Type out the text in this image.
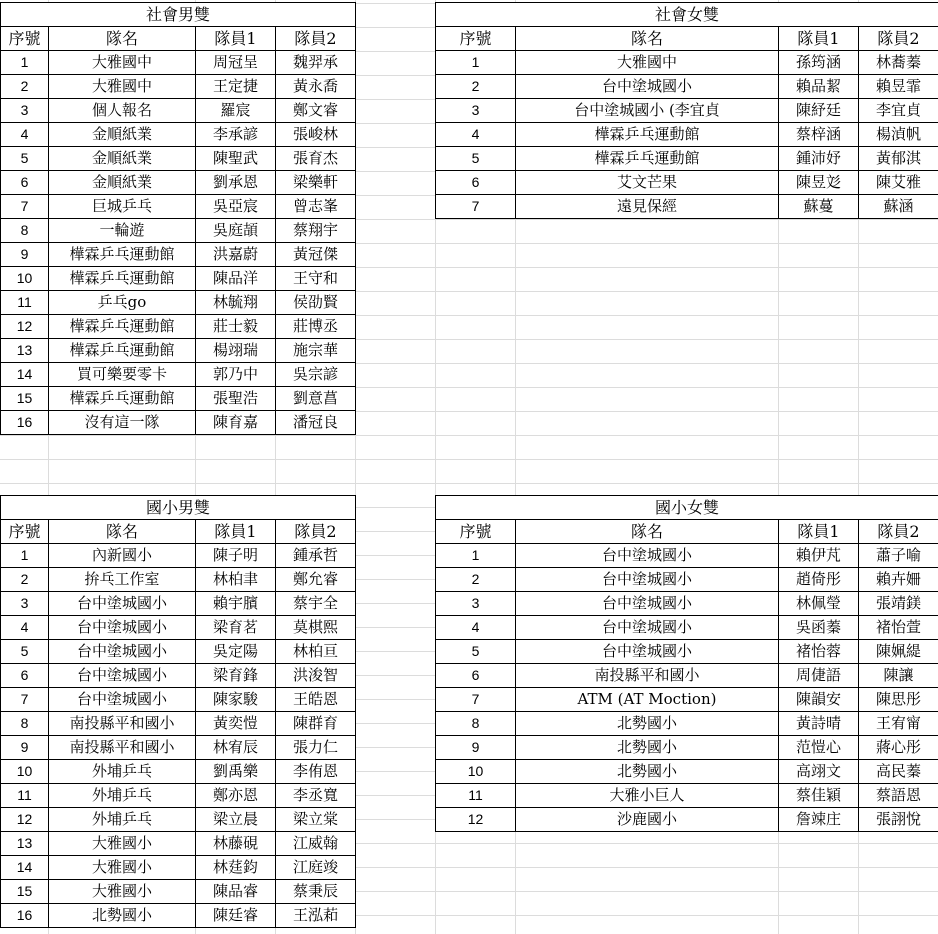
社會男雙			
序號	隊名	隊員1	隊員2
1	大雅國中	周冠呈	魏羿承
2	大雅國中	王定捷	黃永喬
3	個人報名	羅宸	鄭文睿
4	金順紙業	李承諺	張峻林
5	金順紙業	陳聖武	張育杰
6	金順紙業	劉承恩	梁樂軒
7	巨城乒乓	吳亞宸	曾志峯
8	一輪遊	吳庭頡	蔡翔宇
9	樺霖乒乓運動館	洪嘉蔚	黃冠傑
10	樺霖乒乓運動館	陳品洋	王守和
11	乒乓go	林毓翔	侯劭賢
12	樺霖乒乓運動館	莊士毅	莊博丞
13	樺霖乒乓運動館	楊翊瑞	施宗華
14	買可樂要零卡	郭乃中	吳宗諺
15	樺霖乒乓運動館	張聖浩	劉意菖
16	沒有這一隊	陳育嘉	潘冠良
社會女雙			
序號	隊名	隊員1	隊員2
1	大雅國中	孫筠涵	林蕎蓁
2	台中塗城國小	賴品絜	賴昱霏
3	台中塗城國小 (李宜貞	陳紓廷	李宜貞
4	樺霖乒乓運動館	蔡梓涵	楊湞帆
5	樺霖乒乓運動館	鍾沛妤	黃郁淇
6	艾文芒果	陳昱彣	陳艾雅
7	遠見保經	蘇蔓	蘇涵
國小男雙			
序號	隊名	隊員1	隊員2
1	內新國小	陳子明	鍾承哲
2	拚乓工作室	林柏聿	鄭允睿
3	台中塗城國小	賴宇臏	蔡宇全
4	台中塗城國小	梁育茗	莫棋熙
5	台中塗城國小	吳定陽	林柏亘
6	台中塗城國小	梁育鋒	洪浚智
7	台中塗城國小	陳家駿	王皓恩
8	南投縣平和國小	黃奕愷	陳群育
9	南投縣平和國小	林宥辰	張力仁
10	外埔乒乓	劉禹樂	李侑恩
11	外埔乒乓	鄭亦恩	李丞寬
12	外埔乒乓	梁立晨	梁立棠
13	大雅國小	林藤硯	江威翰
14	大雅國小	林莛鈞	江庭竣
15	大雅國小	陳品睿	蔡秉辰
16	北勢國小	陳廷睿	王泓萂
國小女雙			
序號	隊名	隊員1	隊員2
1	台中塗城國小	賴伊芃	蕭子喻
2	台中塗城國小	趙倚彤	賴卉姍
3	台中塗城國小	林佩瑩	張靖鎂
4	台中塗城國小	吳函蓁	褚怡萱
5	台中塗城國小	褚怡蓉	陳姵緹
6	南投縣平和國小	周倢語	陳讓
7	ATM (AT Moction)	陳韻安	陳思彤
8	北勢國小	黃詩晴	王宥甯
9	北勢國小	范愷心	蔣心彤
10	北勢國小	高翊文	高民蓁
11	大雅小巨人	蔡佳穎	蔡語恩
12	沙鹿國小	詹竦庄	張詡悅
